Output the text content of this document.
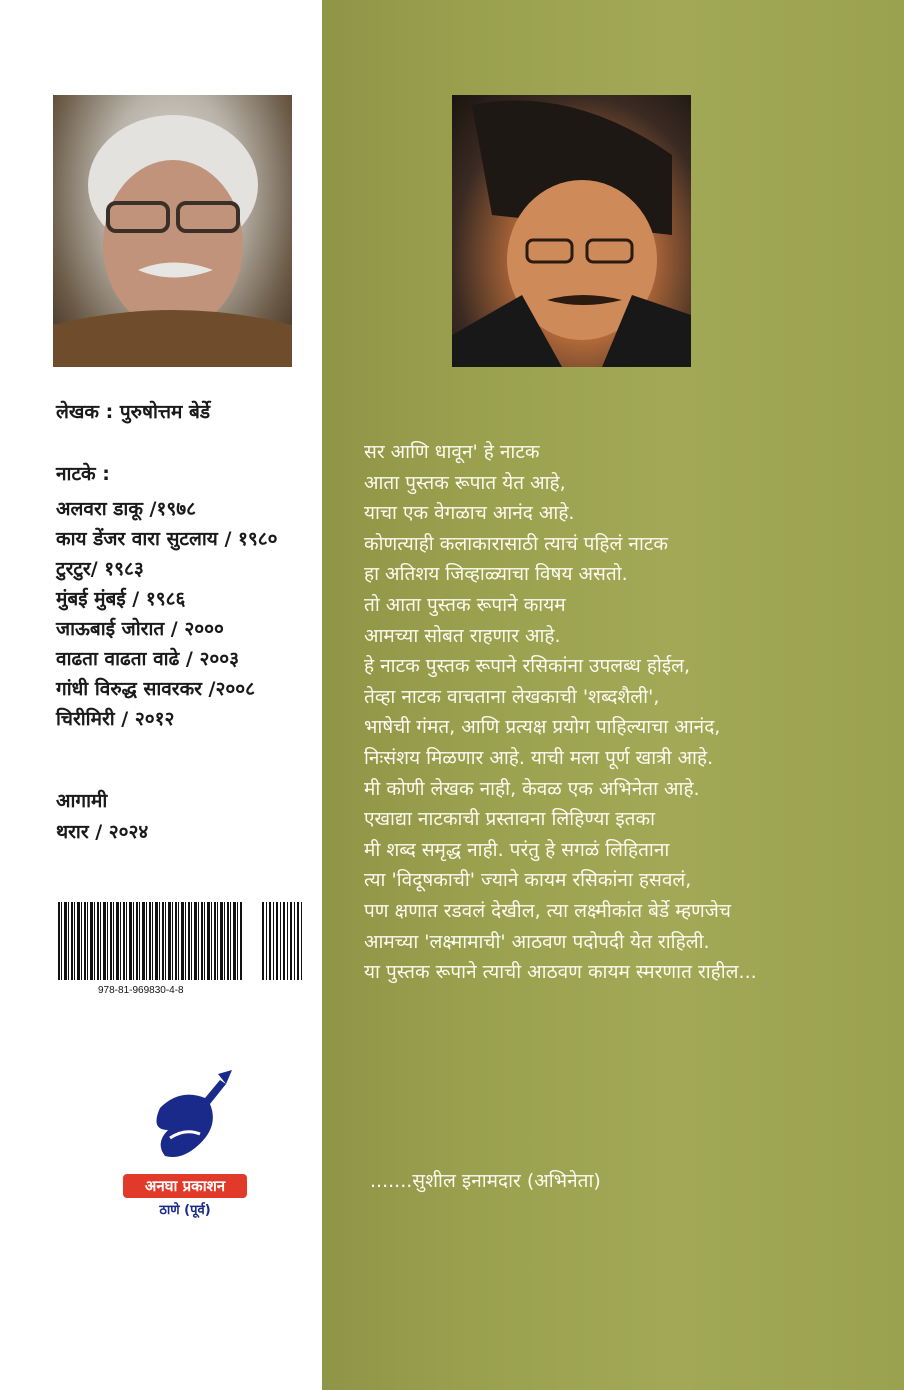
लेखक : पुरुषोत्तम बेर्डे
नाटके :
अलवरा डाकू /१९७८
काय डेंजर वारा सुटलाय / १९८०
टुरटुर/ १९८३
मुंबई मुंबई / १९८६
जाऊबाई जोरात / २०००
वाढता वाढता वाढे / २००३
गांधी विरुद्ध सावरकर /२००८
चिरीमिरी / २०१२
आगामी
थरार / २०२४
978-81-969830-4-8
अनघा प्रकाशन
ठाणे (पूर्व)
सर आणि धावून' हे नाटक
आता पुस्तक रूपात येत आहे,
याचा एक वेगळाच आनंद आहे.
कोणत्याही कलाकारासाठी त्याचं पहिलं नाटक
हा अतिशय जिव्हाळ्याचा विषय असतो.
तो आता पुस्तक रूपाने कायम
आमच्या सोबत राहणार आहे.
हे नाटक पुस्तक रूपाने रसिकांना उपलब्ध होईल,
तेव्हा नाटक वाचताना लेखकाची 'शब्दशैली',
भाषेची गंमत, आणि प्रत्यक्ष प्रयोग पाहिल्याचा आनंद,
निःसंशय मिळणार आहे. याची मला पूर्ण खात्री आहे.
मी कोणी लेखक नाही, केवळ एक अभिनेता आहे.
एखाद्या नाटकाची प्रस्तावना लिहिण्या इतका
मी शब्द समृद्ध नाही. परंतु हे सगळं लिहिताना
त्या 'विदूषकाची' ज्याने कायम रसिकांना हसवलं,
पण क्षणात रडवलं देखील, त्या लक्ष्मीकांत बेर्डे म्हणजेच
आमच्या 'लक्ष्मामाची' आठवण पदोपदी येत राहिली.
या पुस्तक रूपाने त्याची आठवण कायम स्मरणात राहील...
.......सुशील इनामदार (अभिनेता)
